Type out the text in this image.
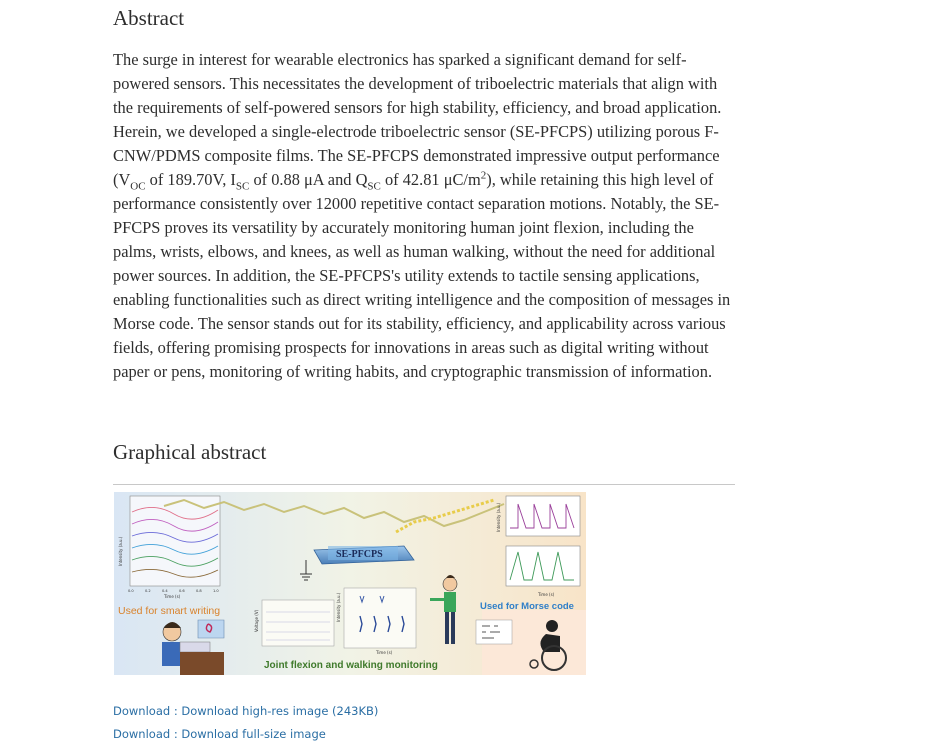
Abstract

The surge in interest for wearable electronics has sparked a significant demand for self-powered sensors. This necessitates the development of triboelectric materials that align with the requirements of self-powered sensors for high stability, efficiency, and broad application. Herein, we developed a single-electrode triboelectric sensor (SE-PFCPS) utilizing porous F-CNW/PDMS composite films. The SE-PFCPS demonstrated impressive output performance ($V_{OC}$ of 189.70V, $I_{SC}$ of 0.88 μA and $Q_{SC}$ of 42.81 $\mu C/m^2$), while retaining this high level of performance consistently over 12000 repetitive contact separation motions. Notably, the SE-PFCPS proves its versatility by accurately monitoring human joint flexion, including the palms, wrists, elbows, and knees, as well as human walking, without the need for additional power sources. In addition, the SE-PFCPS's utility extends to tactile sensing applications, enabling functionalities such as direct writing intelligence and the composition of messages in Morse code. The sensor stands out for its stability, efficiency, and applicability across various fields, offering promising prospects for innovations in areas such as digital writing without paper or pens, monitoring of writing habits, and cryptographic transmission of information.

Graphical abstract
Intensity (a.u.)
Time (s)
0.0	0.2	0.4	0.6	0.8	1.0
SE-PFCPS
Intensity (a.u.)
Time (s)
Voltage (V)	Intensity (a.u.)
Time (s)
Used for smart writing	Used for Morse code
Joint flexion and walking monitoring
Download : Download high-res image (243KB)
Download : Download full-size image
